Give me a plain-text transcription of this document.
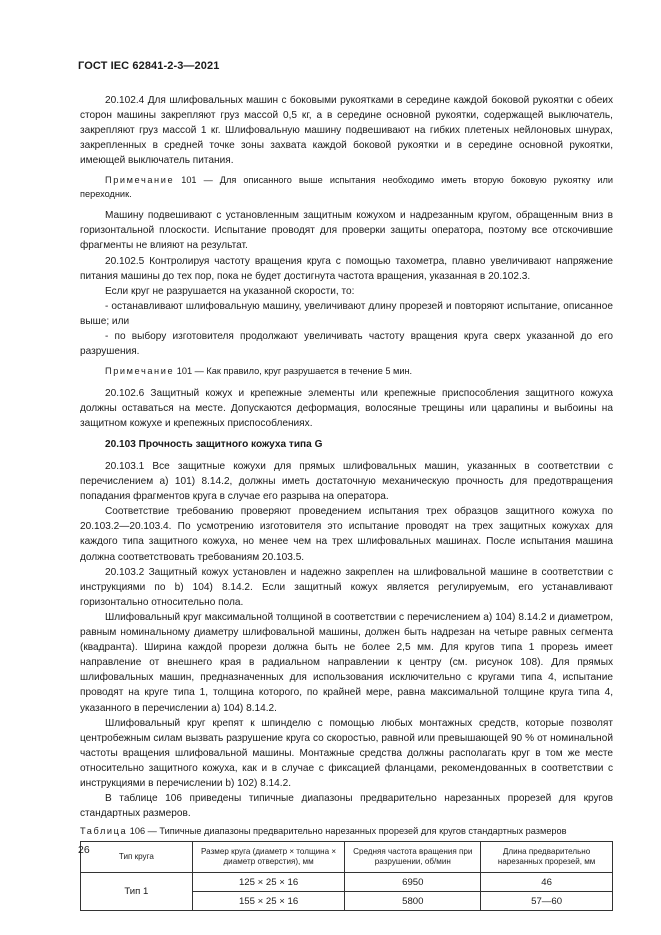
ГОСТ IEC 62841-2-3—2021

20.102.4 Для шлифовальных машин с боковыми рукоятками в середине каждой боковой рукоятки с обеих сторон машины закрепляют груз массой 0,5 кг, а в середине основной рукоятки, содержащей выключатель, закрепляют груз массой 1 кг. Шлифовальную машину подвешивают на гибких плетеных нейлоновых шнурах, закрепленных в средней точке зоны захвата каждой боковой рукоятки и в середине основной рукоятки, имеющей выключатель питания.

Примечание 101 — Для описанного выше испытания необходимо иметь вторую боковую рукоятку или переходник.

Машину подвешивают с установленным защитным кожухом и надрезанным кругом, обращенным вниз в горизонтальной плоскости. Испытание проводят для проверки защиты оператора, поэтому все отскочившие фрагменты не влияют на результат.

20.102.5 Контролируя частоту вращения круга с помощью тахометра, плавно увеличивают напряжение питания машины до тех пор, пока не будет достигнута частота вращения, указанная в 20.102.3.

Если круг не разрушается на указанной скорости, то:

- останавливают шлифовальную машину, увеличивают длину прорезей и повторяют испытание, описанное выше; или

- по выбору изготовителя продолжают увеличивать частоту вращения круга сверх указанной до его разрушения.

Примечание 101 — Как правило, круг разрушается в течение 5 мин.

20.102.6 Защитный кожух и крепежные элементы или крепежные приспособления защитного кожуха должны оставаться на месте. Допускаются деформация, волосяные трещины или царапины и выбоины на защитном кожухе и крепежных приспособлениях.

20.103 Прочность защитного кожуха типа G

20.103.1 Все защитные кожухи для прямых шлифовальных машин, указанных в соответствии с перечислением а) 101) 8.14.2, должны иметь достаточную механическую прочность для предотвращения попадания фрагментов круга в случае его разрыва на оператора.

Соответствие требованию проверяют проведением испытания трех образцов защитного кожуха по 20.103.2—20.103.4. По усмотрению изготовителя это испытание проводят на трех защитных кожухах для каждого типа защитного кожуха, но менее чем на трех шлифовальных машинах. После испытания машина должна соответствовать требованиям 20.103.5.

20.103.2 Защитный кожух установлен и надежно закреплен на шлифовальной машине в соответствии с инструкциями по b) 104) 8.14.2. Если защитный кожух является регулируемым, его устанавливают горизонтально относительно пола.

Шлифовальный круг максимальной толщиной в соответствии с перечислением а) 104) 8.14.2 и диаметром, равным номинальному диаметру шлифовальной машины, должен быть надрезан на четыре равных сегмента (квадранта). Ширина каждой прорези должна быть не более 2,5 мм. Для кругов типа 1 прорезь имеет направление от внешнего края в радиальном направлении к центру (см. рисунок 108). Для прямых шлифовальных машин, предназначенных для использования исключительно с кругами типа 4, испытание проводят на круге типа 1, толщина которого, по крайней мере, равна максимальной толщине круга типа 4, указанного в перечислении а) 104) 8.14.2.

Шлифовальный круг крепят к шпинделю с помощью любых монтажных средств, которые позволят центробежным силам вызвать разрушение круга со скоростью, равной или превышающей 90 % от номинальной частоты вращения шлифовальной машины. Монтажные средства должны располагать круг в том же месте относительно защитного кожуха, как и в случае с фиксацией фланцами, рекомендованных в соответствии с инструкциями в перечислении b) 102) 8.14.2.

В таблице 106 приведены типичные диапазоны предварительно нарезанных прорезей для кругов стандартных размеров.

Таблица 106 — Типичные диапазоны предварительно нарезанных прорезей для кругов стандартных размеров

Тип круга	Размер круга (диаметр × толщина × диаметр отверстия), мм	Средняя частота вращения при разрушении, об/мин	Длина предварительно нарезанных прорезей, мм
Тип 1	125 × 25 × 16	6950	46
	155 × 25 × 16	5800	57—60
26
